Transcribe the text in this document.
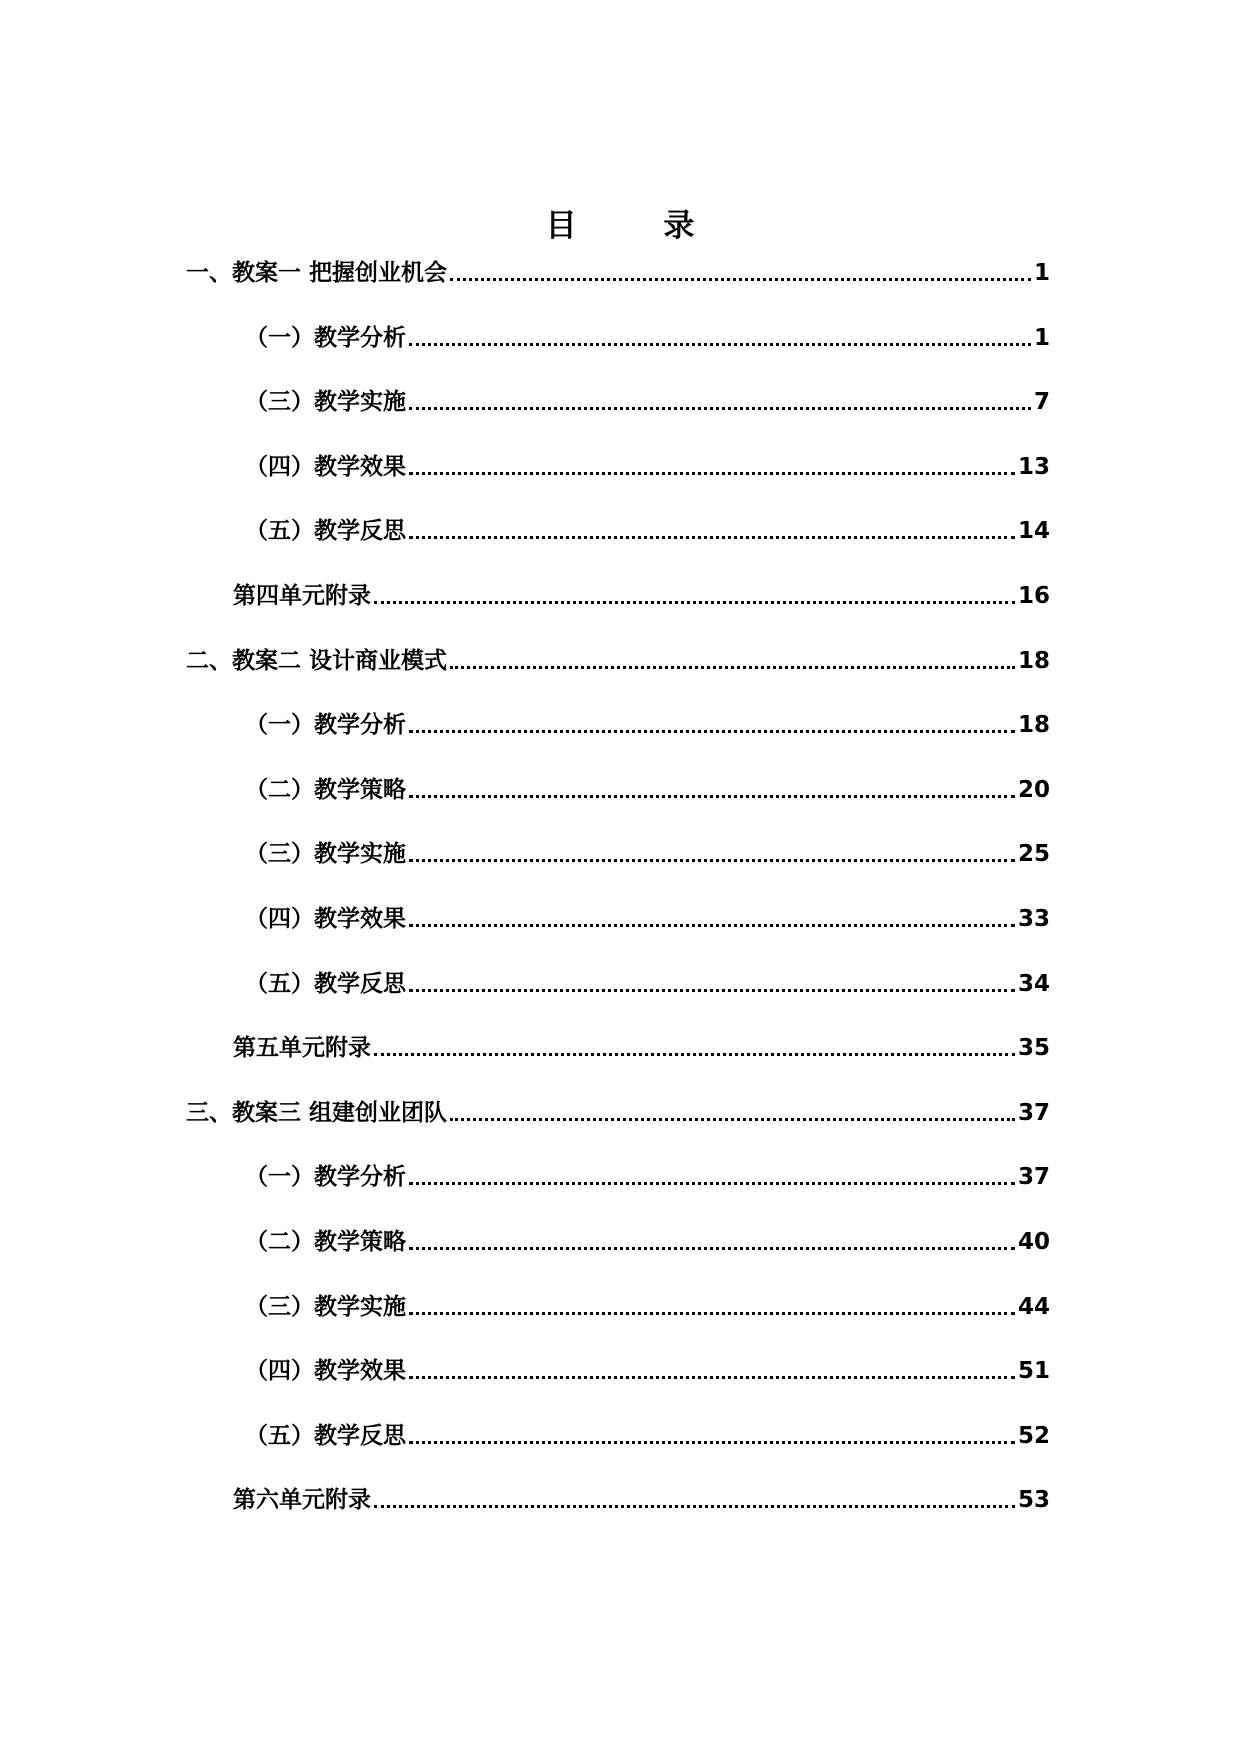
目 录
一、教案一 把握创业机会	1
（一）教学分析	1
（三）教学实施	7
（四）教学效果	13
（五）教学反思	14
第四单元附录	16
二、教案二 设计商业模式	18
（一）教学分析	18
（二）教学策略	20
（三）教学实施	25
（四）教学效果	33
（五）教学反思	34
第五单元附录	35
三、教案三 组建创业团队	37
（一）教学分析	37
（二）教学策略	40
（三）教学实施	44
（四）教学效果	51
（五）教学反思	52
第六单元附录	53
